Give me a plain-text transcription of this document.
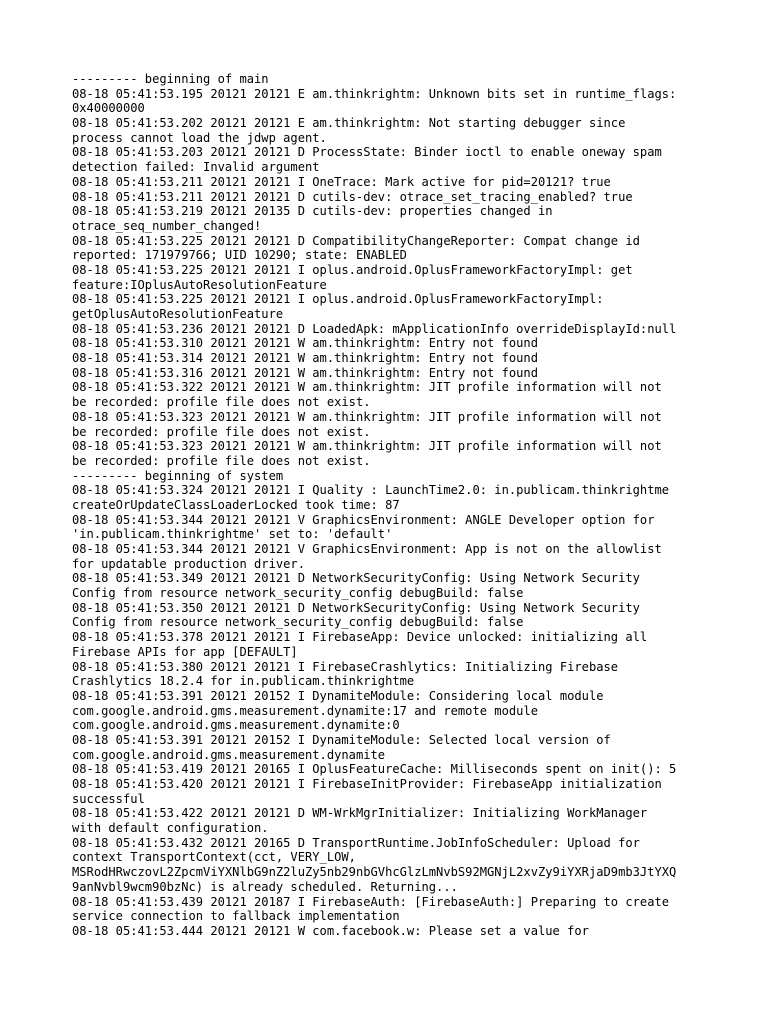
--------- beginning of main
08-18 05:41:53.195 20121 20121 E am.thinkrightm: Unknown bits set in runtime_flags:
0x40000000
08-18 05:41:53.202 20121 20121 E am.thinkrightm: Not starting debugger since
process cannot load the jdwp agent.
08-18 05:41:53.203 20121 20121 D ProcessState: Binder ioctl to enable oneway spam
detection failed: Invalid argument
08-18 05:41:53.211 20121 20121 I OneTrace: Mark active for pid=20121? true
08-18 05:41:53.211 20121 20121 D cutils-dev: otrace_set_tracing_enabled? true
08-18 05:41:53.219 20121 20135 D cutils-dev: properties changed in
otrace_seq_number_changed!
08-18 05:41:53.225 20121 20121 D CompatibilityChangeReporter: Compat change id
reported: 171979766; UID 10290; state: ENABLED
08-18 05:41:53.225 20121 20121 I oplus.android.OplusFrameworkFactoryImpl: get
feature:IOplusAutoResolutionFeature
08-18 05:41:53.225 20121 20121 I oplus.android.OplusFrameworkFactoryImpl:
getOplusAutoResolutionFeature
08-18 05:41:53.236 20121 20121 D LoadedApk: mApplicationInfo overrideDisplayId:null
08-18 05:41:53.310 20121 20121 W am.thinkrightm: Entry not found
08-18 05:41:53.314 20121 20121 W am.thinkrightm: Entry not found
08-18 05:41:53.316 20121 20121 W am.thinkrightm: Entry not found
08-18 05:41:53.322 20121 20121 W am.thinkrightm: JIT profile information will not
be recorded: profile file does not exist.
08-18 05:41:53.323 20121 20121 W am.thinkrightm: JIT profile information will not
be recorded: profile file does not exist.
08-18 05:41:53.323 20121 20121 W am.thinkrightm: JIT profile information will not
be recorded: profile file does not exist.
--------- beginning of system
08-18 05:41:53.324 20121 20121 I Quality : LaunchTime2.0: in.publicam.thinkrightme
createOrUpdateClassLoaderLocked took time: 87
08-18 05:41:53.344 20121 20121 V GraphicsEnvironment: ANGLE Developer option for
'in.publicam.thinkrightme' set to: 'default'
08-18 05:41:53.344 20121 20121 V GraphicsEnvironment: App is not on the allowlist
for updatable production driver.
08-18 05:41:53.349 20121 20121 D NetworkSecurityConfig: Using Network Security
Config from resource network_security_config debugBuild: false
08-18 05:41:53.350 20121 20121 D NetworkSecurityConfig: Using Network Security
Config from resource network_security_config debugBuild: false
08-18 05:41:53.378 20121 20121 I FirebaseApp: Device unlocked: initializing all
Firebase APIs for app [DEFAULT]
08-18 05:41:53.380 20121 20121 I FirebaseCrashlytics: Initializing Firebase
Crashlytics 18.2.4 for in.publicam.thinkrightme
08-18 05:41:53.391 20121 20152 I DynamiteModule: Considering local module
com.google.android.gms.measurement.dynamite:17 and remote module
com.google.android.gms.measurement.dynamite:0
08-18 05:41:53.391 20121 20152 I DynamiteModule: Selected local version of
com.google.android.gms.measurement.dynamite
08-18 05:41:53.419 20121 20165 I OplusFeatureCache: Milliseconds spent on init(): 5
08-18 05:41:53.420 20121 20121 I FirebaseInitProvider: FirebaseApp initialization
successful
08-18 05:41:53.422 20121 20121 D WM-WrkMgrInitializer: Initializing WorkManager
with default configuration.
08-18 05:41:53.432 20121 20165 D TransportRuntime.JobInfoScheduler: Upload for
context TransportContext(cct, VERY_LOW,
MSRodHRwczovL2ZpcmViYXNlbG9nZ2luZy5nb29nbGVhcGlzLmNvbS92MGNjL2xvZy9iYXRjaD9mb3JtYXQ
9anNvbl9wcm90bzNc) is already scheduled. Returning...
08-18 05:41:53.439 20121 20187 I FirebaseAuth: [FirebaseAuth:] Preparing to create
service connection to fallback implementation
08-18 05:41:53.444 20121 20121 W com.facebook.w: Please set a value for
